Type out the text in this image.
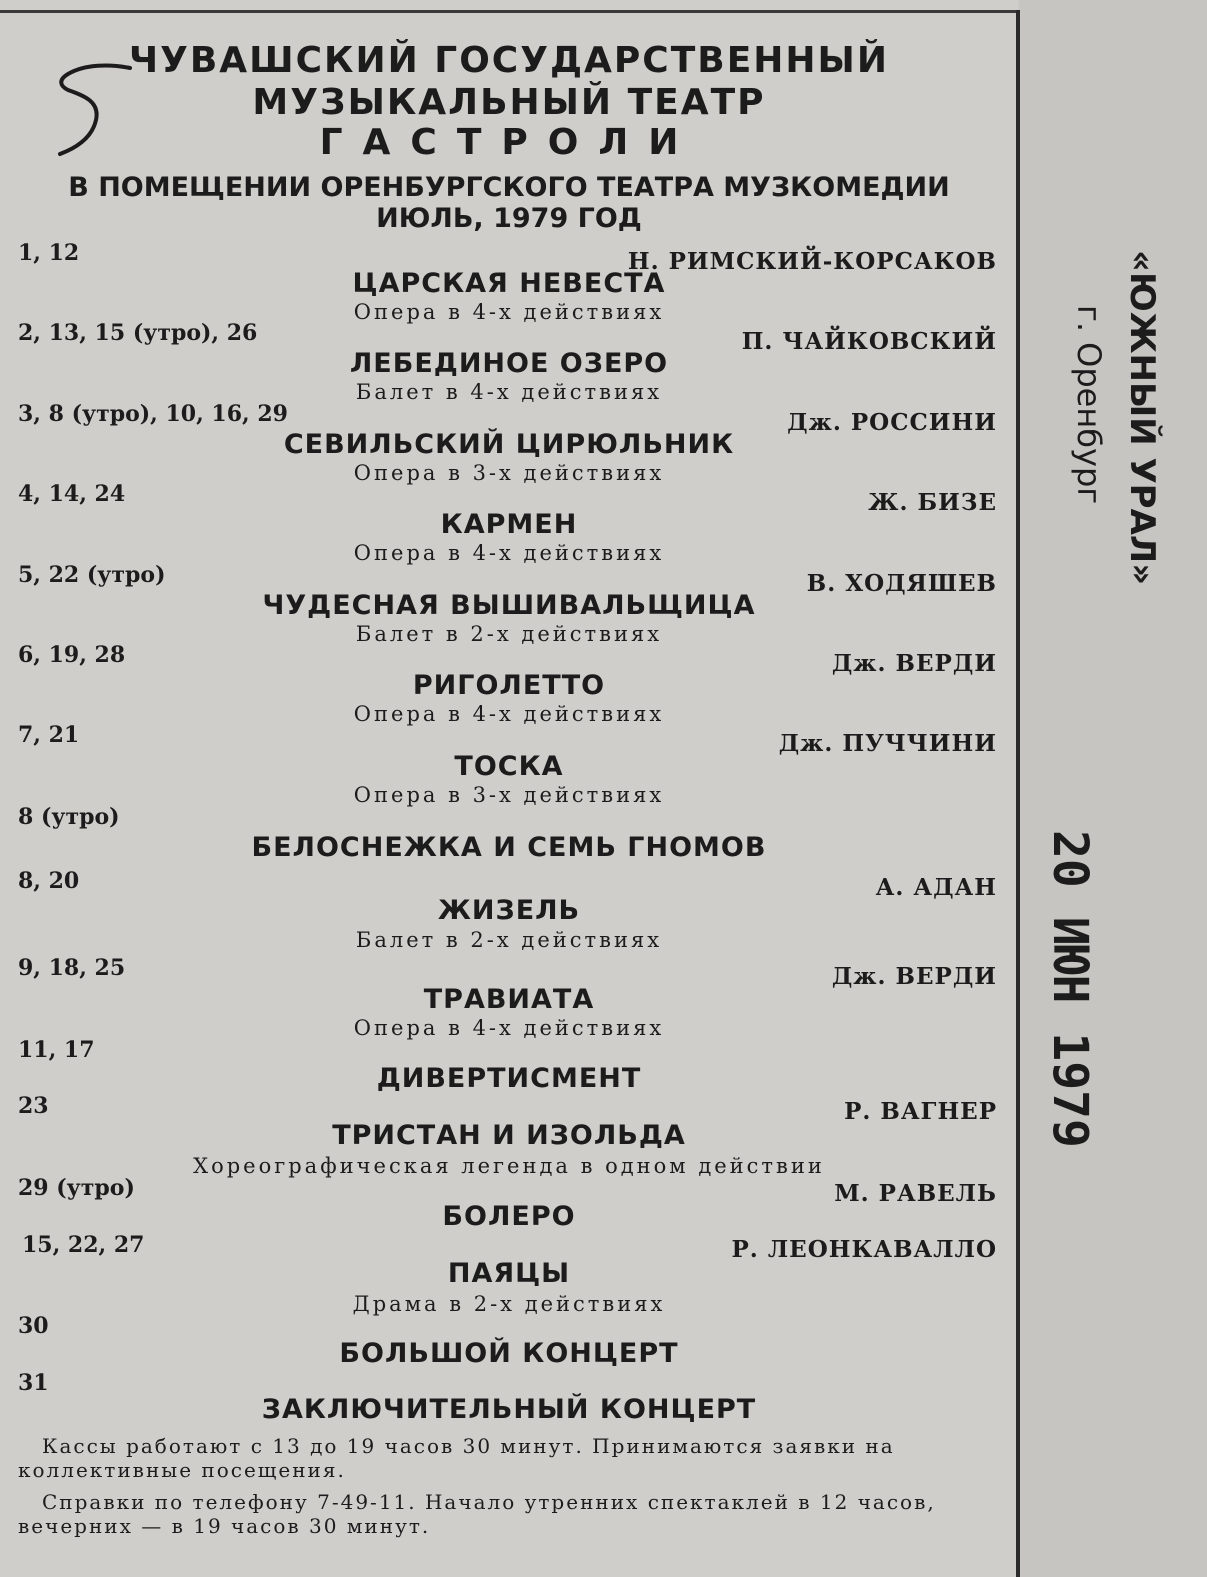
ЧУВАШСКИЙ ГОСУДАРСТВЕННЫЙ
МУЗЫКАЛЬНЫЙ ТЕАТР
ГАСТРОЛИ
В ПОМЕЩЕНИИ ОРЕНБУРГСКОГО ТЕАТРА МУЗКОМЕДИИ
ИЮЛЬ, 1979 ГОД
1, 12	Н. РИМСКИЙ-КОРСАКОВ
ЦАРСКАЯ НЕВЕСТА
Опера в 4-х действиях
2, 13, 15 (утро), 26	П. ЧАЙКОВСКИЙ
ЛЕБЕДИНОЕ ОЗЕРО
Балет в 4-х действиях
3, 8 (утро), 10, 16, 29	Дж. РОССИНИ
СЕВИЛЬСКИЙ ЦИРЮЛЬНИК
Опера в 3-х действиях
4, 14, 24	Ж. БИЗЕ
КАРМЕН
Опера в 4-х действиях
5, 22 (утро)	В. ХОДЯШЕВ
ЧУДЕСНАЯ ВЫШИВАЛЬЩИЦА
Балет в 2-х действиях
6, 19, 28	Дж. ВЕРДИ
РИГОЛЕТТО
Опера в 4-х действиях
7, 21	Дж. ПУЧЧИНИ
ТОСКА
Опера в 3-х действиях
8 (утро)
БЕЛОСНЕЖКА И СЕМЬ ГНОМОВ
8, 20	А. АДАН
ЖИЗЕЛЬ
Балет в 2-х действиях
9, 18, 25	Дж. ВЕРДИ
ТРАВИАТА
Опера в 4-х действиях
11, 17
ДИВЕРТИСМЕНТ
23	Р. ВАГНЕР
ТРИСТАН И ИЗОЛЬДА
Хореографическая легенда в одном действии
29 (утро)	М. РАВЕЛЬ
БОЛЕРО
15, 22, 27	Р. ЛЕОНКАВАЛЛО
ПАЯЦЫ
Драма в 2-х действиях
30
БОЛЬШОЙ КОНЦЕРТ
31
ЗАКЛЮЧИТЕЛЬНЫЙ КОНЦЕРТ
Кассы работают с 13 до 19 часов 30 минут. Принимаются заявки на коллективные посещения.
Справки по телефону 7-49-11. Начало утренних спектаклей в 12 часов, вечерних — в 19 часов 30 минут.
«ЮЖНЫЙ УРАЛ»
г. Оренбург
20 ИЮН 1979
